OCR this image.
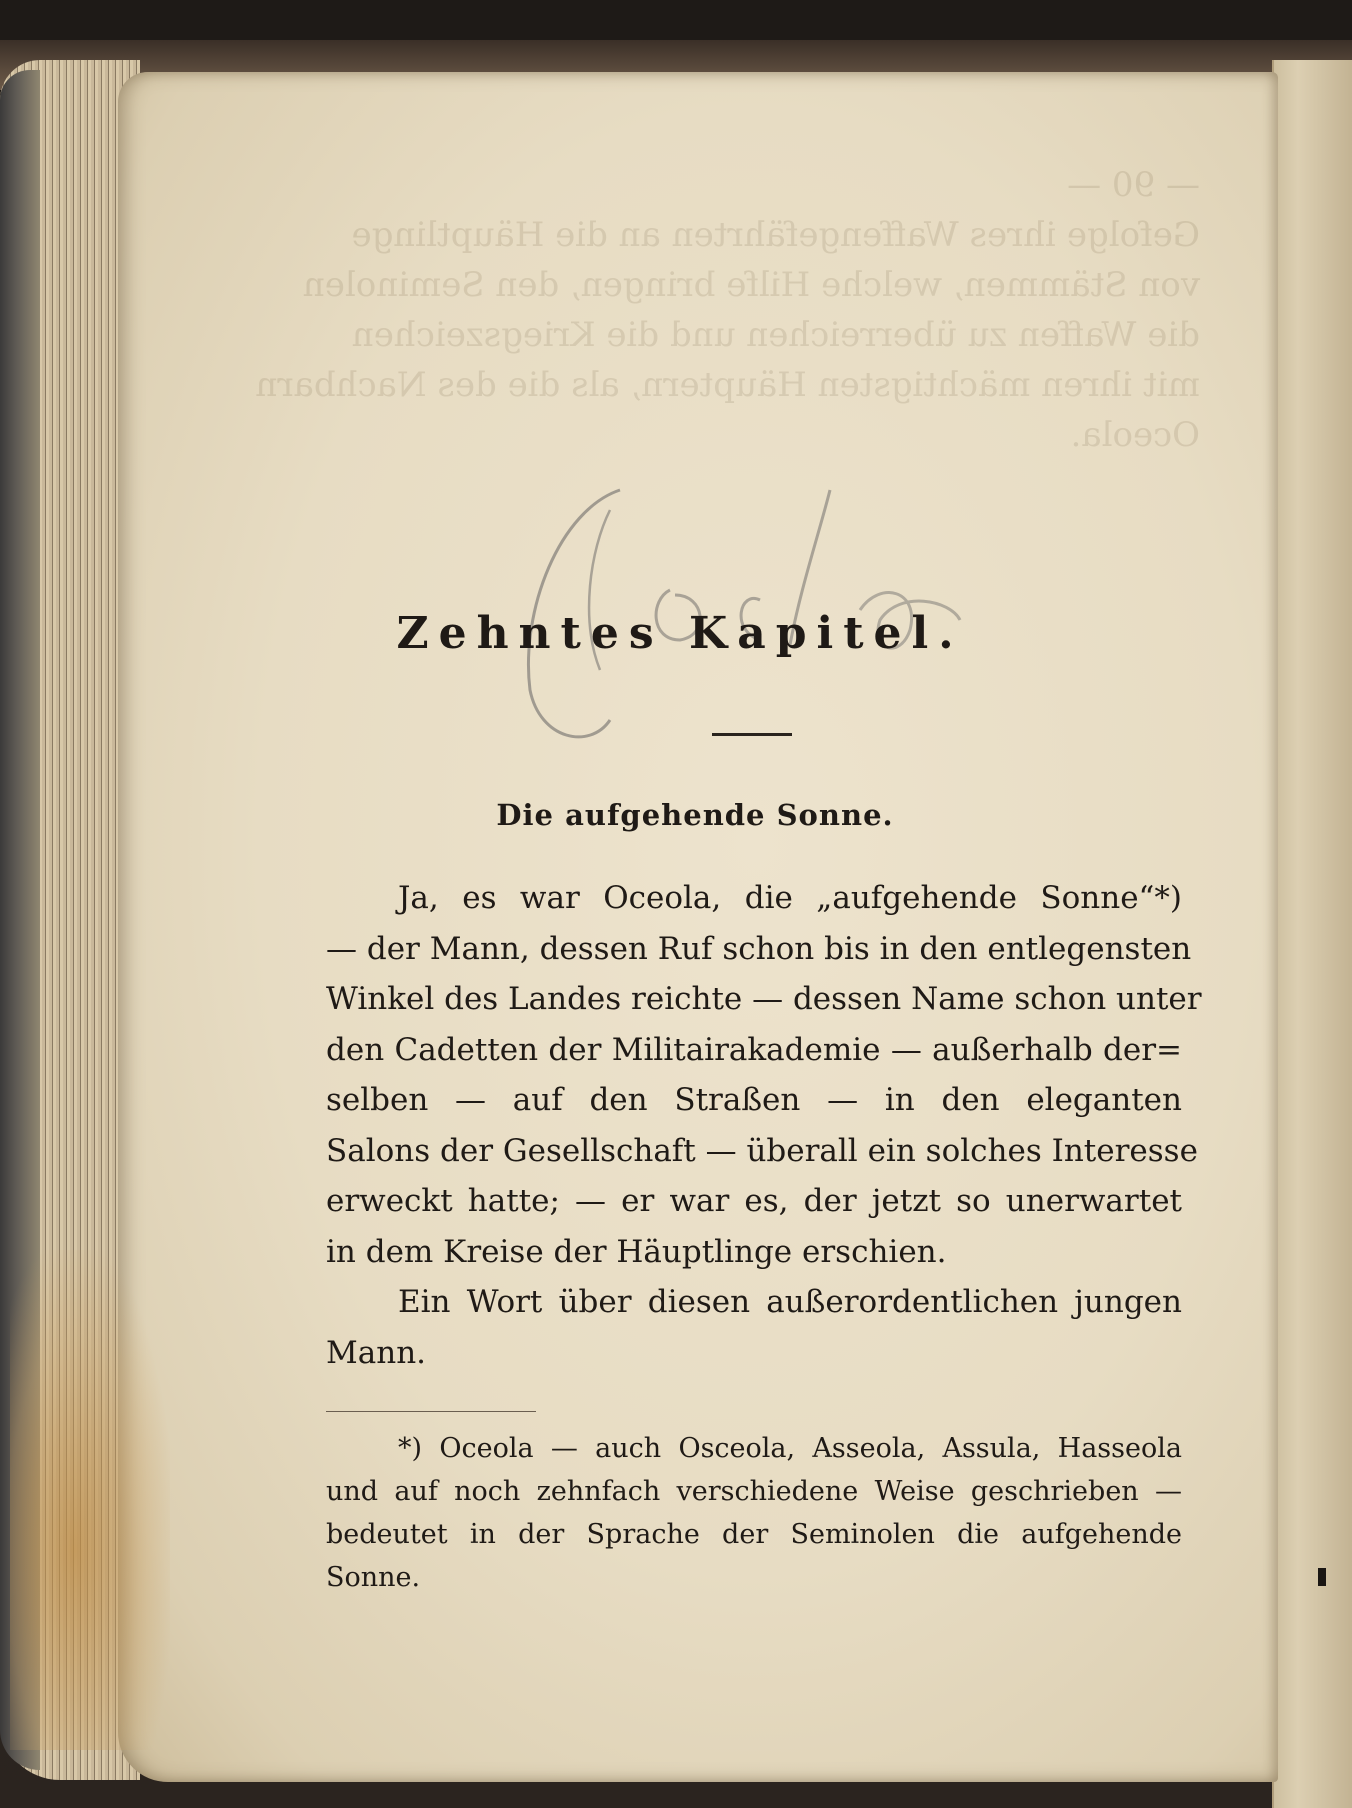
— 90 —
Gefolge ihres Waffengefährten an die Häuptlinge
von Stämmen, welche Hilfe bringen, den Seminolen
die Waffen zu überreichen und die Kriegszeichen
mit ihren mächtigsten Häuptern, als die des Nachbarn
Oceola.
Zehntes Kapitel.
Die aufgehende Sonne.
Ja, es war Oceola, die „aufgehende Sonne“*)
— der Mann, dessen Ruf schon bis in den entlegensten
Winkel des Landes reichte — dessen Name schon unter
den Cadetten der Militairakademie — außerhalb der=
selben — auf den Straßen — in den eleganten
Salons der Gesellschaft — überall ein solches Interesse
erweckt hatte; — er war es, der jetzt so unerwartet
in dem Kreise der Häuptlinge erschien.
Ein Wort über diesen außerordentlichen jungen
Mann.
*) Oceola — auch Osceola, Asseola, Assula, Hasseola
und auf noch zehnfach verschiedene Weise geschrieben —
bedeutet in der Sprache der Seminolen die aufgehende
Sonne.
